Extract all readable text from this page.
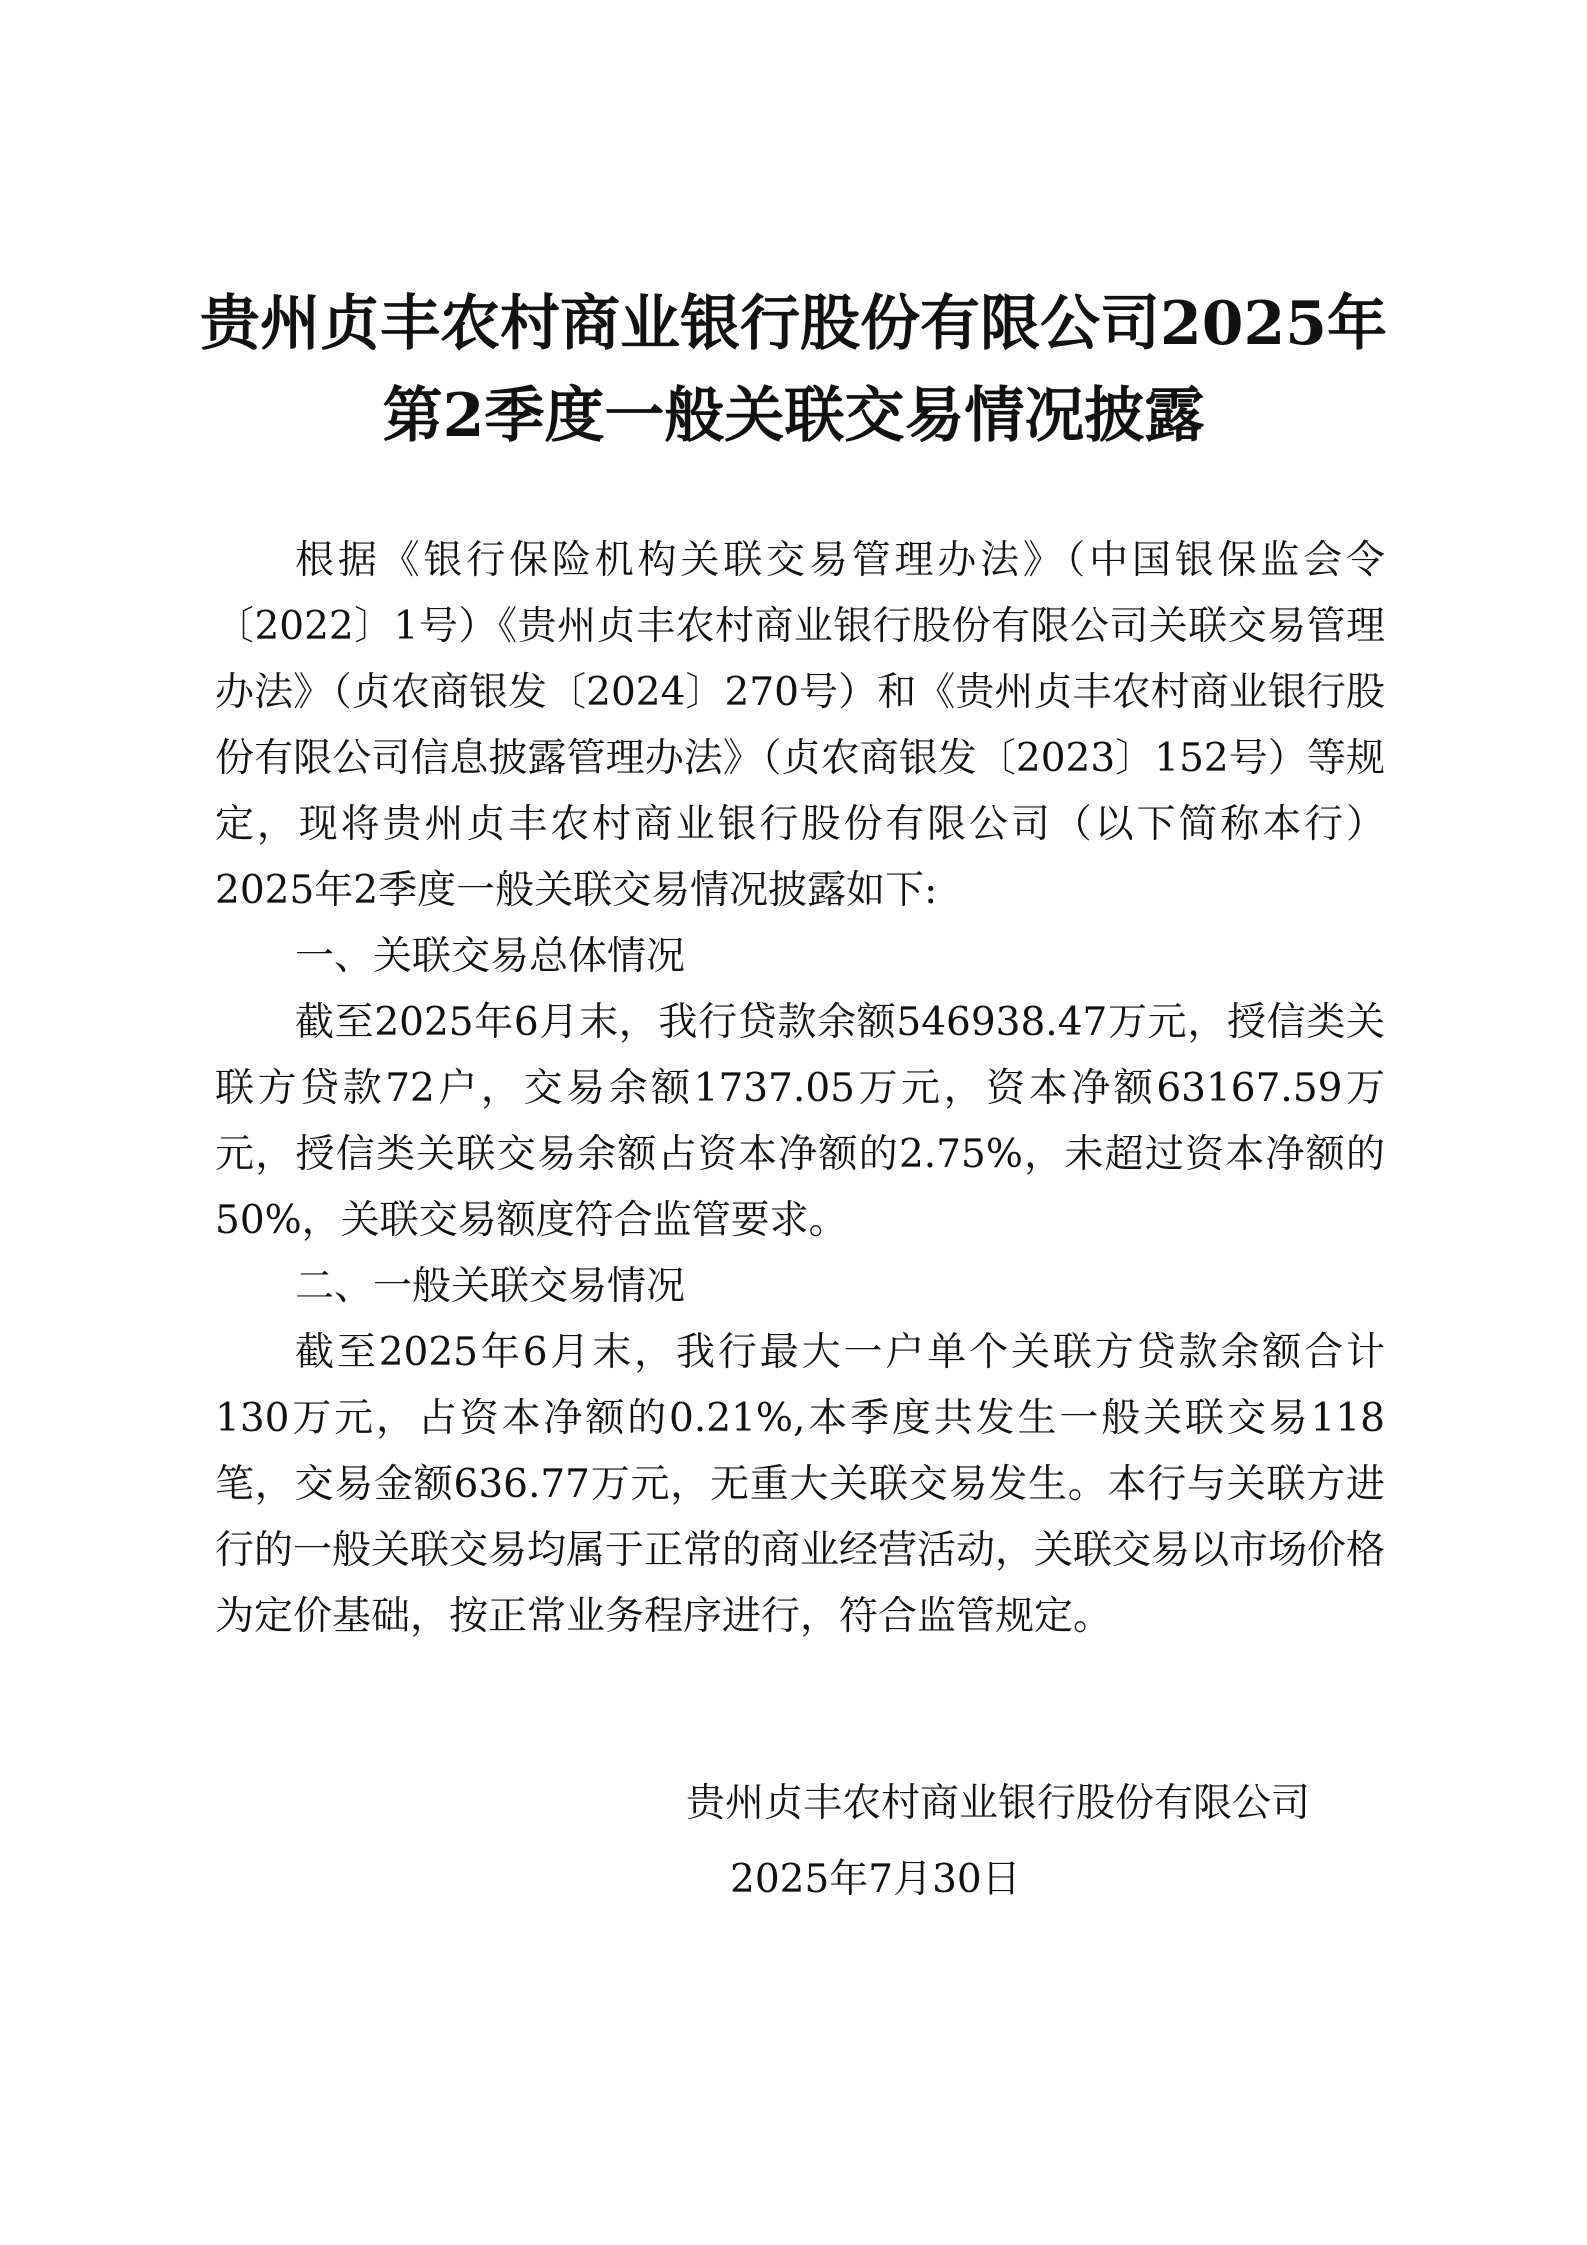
贵州贞丰农村商业银行股份有限公司2025年
第2季度一般关联交易情况披露

根据《银行保险机构关联交易管理办法》（中国银保监会令〔2022〕1号）《贵州贞丰农村商业银行股份有限公司关联交易管理办法》（贞农商银发〔2024〕270号）和《贵州贞丰农村商业银行股份有限公司信息披露管理办法》（贞农商银发〔2023〕152号）等规定，现将贵州贞丰农村商业银行股份有限公司（以下简称本行）2025年2季度一般关联交易情况披露如下:

一、关联交易总体情况

截至2025年6月末，我行贷款余额546938.47万元，授信类关联方贷款72户，交易余额1737.05万元，资本净额63167.59万元，授信类关联交易余额占资本净额的2.75%，未超过资本净额的50%，关联交易额度符合监管要求。

二、一般关联交易情况

截至2025年6月末，我行最大一户单个关联方贷款余额合计130万元，占资本净额的0.21%,本季度共发生一般关联交易118笔，交易金额636.77万元，无重大关联交易发生。本行与关联方进行的一般关联交易均属于正常的商业经营活动，关联交易以市场价格为定价基础，按正常业务程序进行，符合监管规定。

贵州贞丰农村商业银行股份有限公司
2025年7月30日
